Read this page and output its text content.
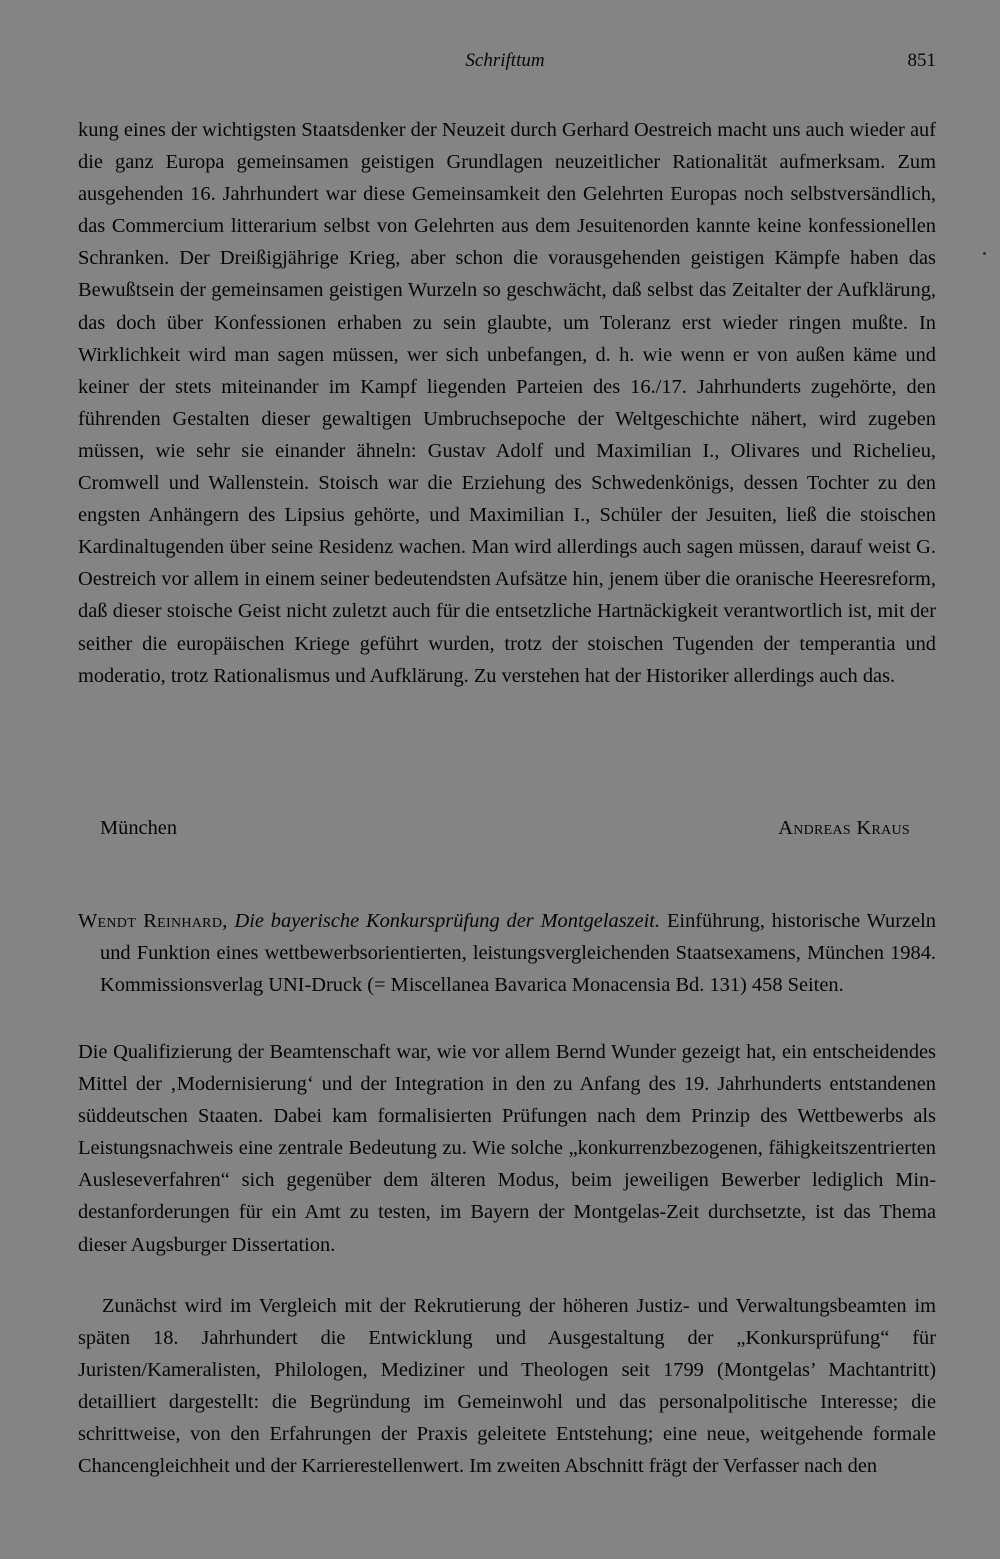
Schrifttum	851

kung eines der wichtigsten Staatsdenker der Neuzeit durch Gerhard Oestreich macht uns auch wieder auf die ganz Europa gemeinsamen geistigen Grundlagen neuzeitlicher Rationalität aufmerksam. Zum ausgehenden 16. Jahrhundert war diese Gemeinsamkeit den Gelehrten Europas noch selbstversändlich, das Commercium litterarium selbst von Gelehrten aus dem Jesuitenorden kannte keine konfessionellen Schranken. Der Dreißigjährige Krieg, aber schon die vorausgehenden geistigen Kämpfe haben das Bewußtsein der gemeinsamen geistigen Wurzeln so geschwächt, daß selbst das Zeitalter der Aufklärung, das doch über Konfessionen erhaben zu sein glaubte, um Toleranz erst wieder ringen mußte. In Wirklichkeit wird man sagen müssen, wer sich unbefangen, d. h. wie wenn er von außen käme und keiner der stets miteinander im Kampf liegenden Parteien des 16./17. Jahrhunderts zugehörte, den führenden Gestalten dieser gewaltigen Umbruchsepoche der Weltgeschichte nähert, wird zugeben müssen, wie sehr sie einander ähneln: Gustav Adolf und Maximilian I., Olivares und Richelieu, Cromwell und Wallenstein. Stoisch war die Erziehung des Schwedenkönigs, dessen Tochter zu den engsten Anhängern des Lipsius gehörte, und Maximilian I., Schüler der Jesuiten, ließ die stoischen Kardinaltugenden über seine Residenz wachen. Man wird allerdings auch sagen müssen, darauf weist G. Oestreich vor allem in einem seiner bedeutendsten Aufsätze hin, jenem über die oranische Heeresreform, daß dieser stoische Geist nicht zuletzt auch für die entsetzliche Hartnäckigkeit verantwortlich ist, mit der seither die europäischen Kriege geführt wurden, trotz der stoischen Tugenden der temperantia und moderatio, trotz Rationalismus und Aufklärung. Zu verstehen hat der Historiker allerdings auch das.

München	Andreas Kraus

Wendt Reinhard, Die bayerische Konkursprüfung der Montgelaszeit. Einführung, historische Wurzeln und Funktion eines wettbewerbsorientierten, leistungsvergleichenden Staatsexamens, München 1984. Kommissionsverlag UNI-Druck (= Miscellanea Bavarica Monacensia Bd. 131) 458 Seiten.

Die Qualifizierung der Beamtenschaft war, wie vor allem Bernd Wunder gezeigt hat, ein entscheidendes Mittel der ‚Modernisierung‘ und der Integration in den zu Anfang des 19. Jahrhunderts entstandenen süddeutschen Staaten. Dabei kam formalisierten Prüfungen nach dem Prinzip des Wettbewerbs als Leistungsnachweis eine zentrale Bedeutung zu. Wie solche „konkurrenzbezogenen, fähigkeitszentrierten Ausleseverfahren“ sich gegenüber dem älteren Modus, beim jeweiligen Bewerber lediglich Mindestanforderungen für ein Amt zu testen, im Bayern der Montgelas-Zeit durchsetzte, ist das Thema dieser Augsburger Dissertation.

Zunächst wird im Vergleich mit der Rekrutierung der höheren Justiz- und Verwaltungsbeamten im späten 18. Jahrhundert die Entwicklung und Ausgestaltung der „Konkursprüfung“ für Juristen/Kameralisten, Philologen, Mediziner und Theologen seit 1799 (Montgelas’ Machtantritt) detailliert dargestellt: die Begründung im Gemeinwohl und das personalpolitische Interesse; die schrittweise, von den Erfahrungen der Praxis geleitete Entstehung; eine neue, weitgehende formale Chancengleichheit und der Karrierestellenwert. Im zweiten Abschnitt frägt der Verfasser nach den
